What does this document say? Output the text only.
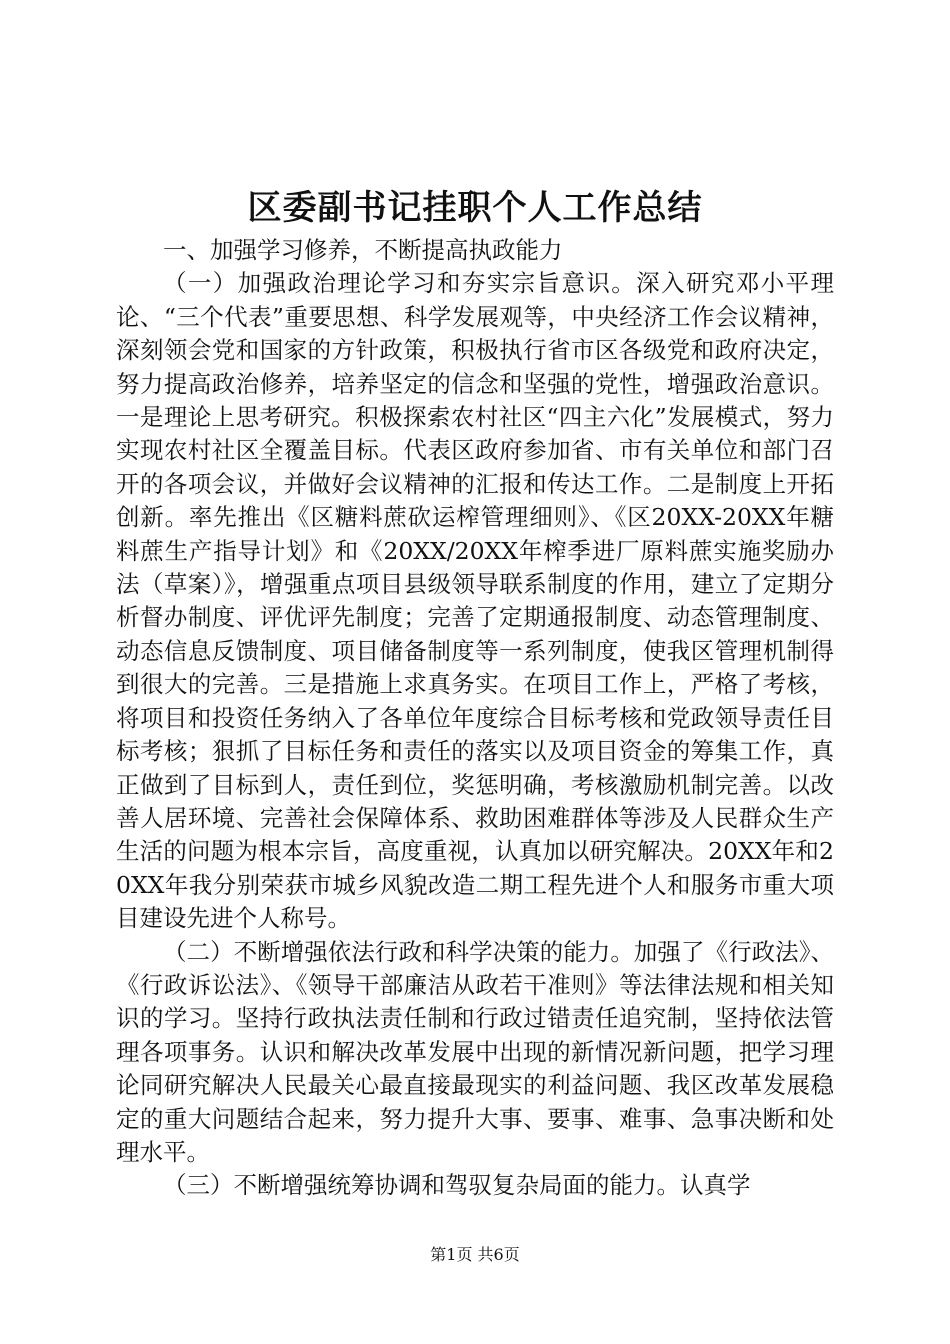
区委副书记挂职个人工作总结

一、加强学习修养，不断提高执政能力

（一）加强政治理论学习和夯实宗旨意识。深入研究邓小平理论、“三个代表”重要思想、科学发展观等，中央经济工作会议精神，深刻领会党和国家的方针政策，积极执行省市区各级党和政府决定，努力提高政治修养，培养坚定的信念和坚强的党性，增强政治意识。一是理论上思考研究。积极探索农村社区“四主六化”发展模式，努力实现农村社区全覆盖目标。代表区政府参加省、市有关单位和部门召开的各项会议，并做好会议精神的汇报和传达工作。二是制度上开拓创新。率先推出《区糖料蔗砍运榨管理细则》、《区20XX-20XX年糖料蔗生产指导计划》和《20XX/20XX年榨季进厂原料蔗实施奖励办法（草案）》，增强重点项目县级领导联系制度的作用，建立了定期分析督办制度、评优评先制度；完善了定期通报制度、动态管理制度、动态信息反馈制度、项目储备制度等一系列制度，使我区管理机制得到很大的完善。三是措施上求真务实。在项目工作上，严格了考核，将项目和投资任务纳入了各单位年度综合目标考核和党政领导责任目标考核；狠抓了目标任务和责任的落实以及项目资金的筹集工作，真正做到了目标到人，责任到位，奖惩明确，考核激励机制完善。以改善人居环境、完善社会保障体系、救助困难群体等涉及人民群众生产生活的问题为根本宗旨，高度重视，认真加以研究解决。20XX年和20XX年我分别荣获市城乡风貌改造二期工程先进个人和服务市重大项目建设先进个人称号。

（二）不断增强依法行政和科学决策的能力。加强了《行政法》、《行政诉讼法》、《领导干部廉洁从政若干准则》等法律法规和相关知识的学习。坚持行政执法责任制和行政过错责任追究制，坚持依法管理各项事务。认识和解决改革发展中出现的新情况新问题，把学习理论同研究解决人民最关心最直接最现实的利益问题、我区改革发展稳定的重大问题结合起来，努力提升大事、要事、难事、急事决断和处理水平。

（三）不断增强统筹协调和驾驭复杂局面的能力。认真学

第1页 共6页
